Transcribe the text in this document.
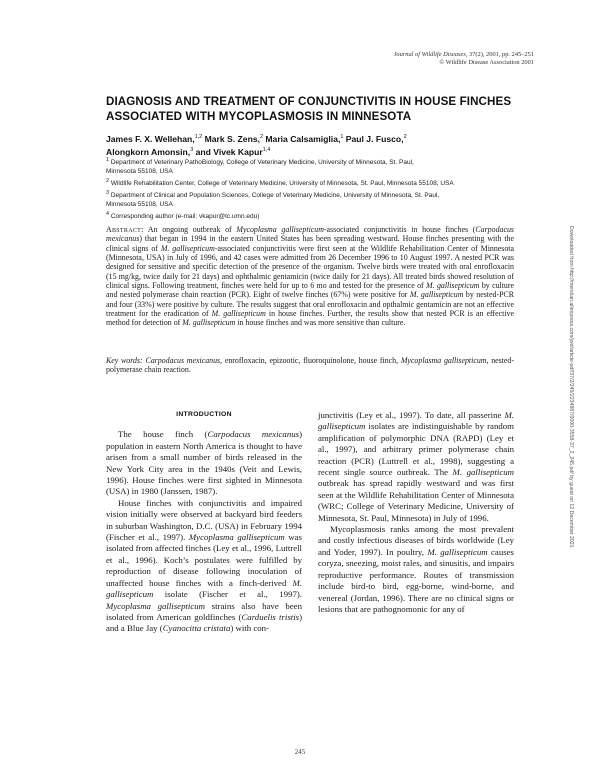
Journal of Wildlife Diseases, 37(2), 2001, pp. 245–251
© Wildlife Disease Association 2001
DIAGNOSIS AND TREATMENT OF CONJUNCTIVITIS IN HOUSE FINCHES ASSOCIATED WITH MYCOPLASMOSIS IN MINNESOTA
James F. X. Wellehan,$^{1,2}$ Mark S. Zens,$^2$ Maria Calsamiglia,$^1$ Paul J. Fusco,$^2$
Alongkorn Amonsin,$^3$ and Vivek Kapur$^{1,4}$
$^1$ Department of Veterinary PathoBiology, College of Veterinary Medicine, University of Minnesota, St. Paul,
Minnesota 55108, USA
$^2$ Wildlife Rehabilitation Center, College of Veterinary Medicine, University of Minnesota, St. Paul, Minnesota 55108, USA
$^3$ Department of Clinical and Population Sciences, College of Veterinary Medicine, University of Minnesota, St. Paul,
Minnesota 55108, USA
$^4$ Corresponding author (e-mail: vkapur@tc.umn.edu)
Abstract: An ongoing outbreak of Mycoplasma gallisepticum-associated conjunctivitis in house finches (Carpodacus mexicanus) that began in 1994 in the eastern United States has been spreading westward. House finches presenting with the clinical signs of M. gallisepticum-associated conjunctivitis were first seen at the Wildlife Rehabilitation Center of Minnesota (Minnesota, USA) in July of 1996, and 42 cases were admitted from 26 December 1996 to 10 August 1997. A nested PCR was designed for sensitive and specific detection of the presence of the organism. Twelve birds were treated with oral enrofloxacin (15 mg/kg, twice daily for 21 days) and ophthalmic gentamicin (twice daily for 21 days). All treated birds showed resolution of clinical signs. Following treatment, finches were held for up to 6 mo and tested for the presence of M. gallisepticum by culture and nested polymerase chain reaction (PCR). Eight of twelve finches (67%) were positive for M. gallisepticum by nested-PCR and four (33%) were positive by culture. The results suggest that oral enrofloxacin and opthalmic gentamicin are not an effective treatment for the eradication of M. gallisepticum in house finches. Further, the results show that nested PCR is an effective method for detection of M. gallisepticum in house finches and was more sensitive than culture.
Key words: Carpodacus mexicanus, enrofloxacin, epizootic, fluoroquinolone, house finch, Mycoplasma gallisepticum, nested-polymerase chain reaction.	Downloaded from http://meridian.allenpress.com/jwd/article-pdf/37/2/245/2234987/0090-3558-37_2_245.pdf by guest on 12 December 2021
INTRODUCTION

The house finch (Carpodacus mexicanus) population in eastern North America is thought to have arisen from a small number of birds released in the New York City area in the 1940s (Veit and Lewis, 1996). House finches were first sighted in Minnesota (USA) in 1980 (Janssen, 1987).

House finches with conjunctivitis and impaired vision initially were observed at backyard bird feeders in suburban Washington, D.C. (USA) in February 1994 (Fischer et al., 1997). Mycoplasma gallisepticum was isolated from affected finches (Ley et al., 1996, Luttrell et al., 1996). Koch’s postulates were fulfilled by reproduction of disease following inoculation of unaffected house finches with a finch-derived M. gallisepticum isolate (Fischer et al., 1997). Mycoplasma gallisepticum strains also have been isolated from American goldfinches (Carduelis tristis) and a Blue Jay (Cyanocitta cristata) with con-

junctivitis (Ley et al., 1997). To date, all passerine M. gallisepticum isolates are indistinguishable by random amplification of polymorphic DNA (RAPD) (Ley et al., 1997), and arbitrary primer polymerase chain reaction (PCR) (Luttrell et al., 1998), suggesting a recent single source outbreak. The M. gallisepticum outbreak has spread rapidly westward and was first seen at the Wildlife Rehabilitation Center of Minnesota (WRC; College of Veterinary Medicine, University of Minnesota, St. Paul, Minnesota) in July of 1996.

Mycoplasmosis ranks among the most prevalent and costly infectious diseases of birds worldwide (Ley and Yoder, 1997). In poultry, M. gallisepticum causes coryza, sneezing, moist rales, and sinusitis, and impairs reproductive performance. Routes of transmission include bird-to bird, egg-borne, wind-borne, and venereal (Jordan, 1996). There are no clinical signs or lesions that are pathognomonic for any of

245
